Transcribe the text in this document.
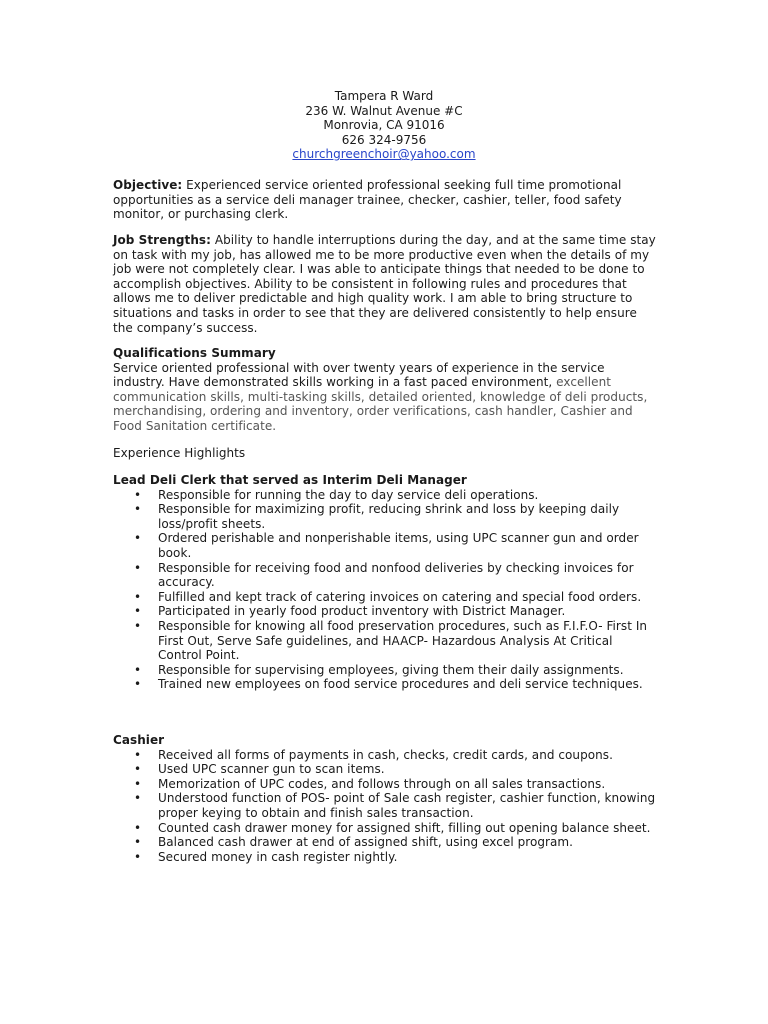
Tampera R Ward
236 W. Walnut Avenue #C
Monrovia, CA 91016
626 324-9756
churchgreenchoir@yahoo.com

Objective: Experienced service oriented professional seeking full time promotional opportunities as a service deli manager trainee, checker, cashier, teller, food safety monitor, or purchasing clerk.

Job Strengths: Ability to handle interruptions during the day, and at the same time stay on task with my job, has allowed me to be more productive even when the details of my job were not completely clear. I was able to anticipate things that needed to be done to accomplish objectives. Ability to be consistent in following rules and procedures that allows me to deliver predictable and high quality work. I am able to bring structure to situations and tasks in order to see that they are delivered consistently to help ensure the company’s success.

Qualifications Summary

Service oriented professional with over twenty years of experience in the service industry. Have demonstrated skills working in a fast paced environment, excellent communication skills, multi-tasking skills, detailed oriented, knowledge of deli products, merchandising, ordering and inventory, order verifications, cash handler, Cashier and Food Sanitation certificate.

Experience Highlights
Lead Deli Clerk that served as Interim Deli Manager
• Responsible for running the day to day service deli operations.
• Responsible for maximizing profit, reducing shrink and loss by keeping daily loss/profit sheets.
• Ordered perishable and nonperishable items, using UPC scanner gun and order book.
• Responsible for receiving food and nonfood deliveries by checking invoices for accuracy.
• Fulfilled and kept track of catering invoices on catering and special food orders.
• Participated in yearly food product inventory with District Manager.
• Responsible for knowing all food preservation procedures, such as F.I.F.O- First In First Out, Serve Safe guidelines, and HAACP- Hazardous Analysis At Critical Control Point.
• Responsible for supervising employees, giving them their daily assignments.
• Trained new employees on food service procedures and deli service techniques.
Cashier
• Received all forms of payments in cash, checks, credit cards, and coupons.
• Used UPC scanner gun to scan items.
• Memorization of UPC codes, and follows through on all sales transactions.
• Understood function of POS- point of Sale cash register, cashier function, knowing proper keying to obtain and finish sales transaction.
• Counted cash drawer money for assigned shift, filling out opening balance sheet.
• Balanced cash drawer at end of assigned shift, using excel program.
• Secured money in cash register nightly.
